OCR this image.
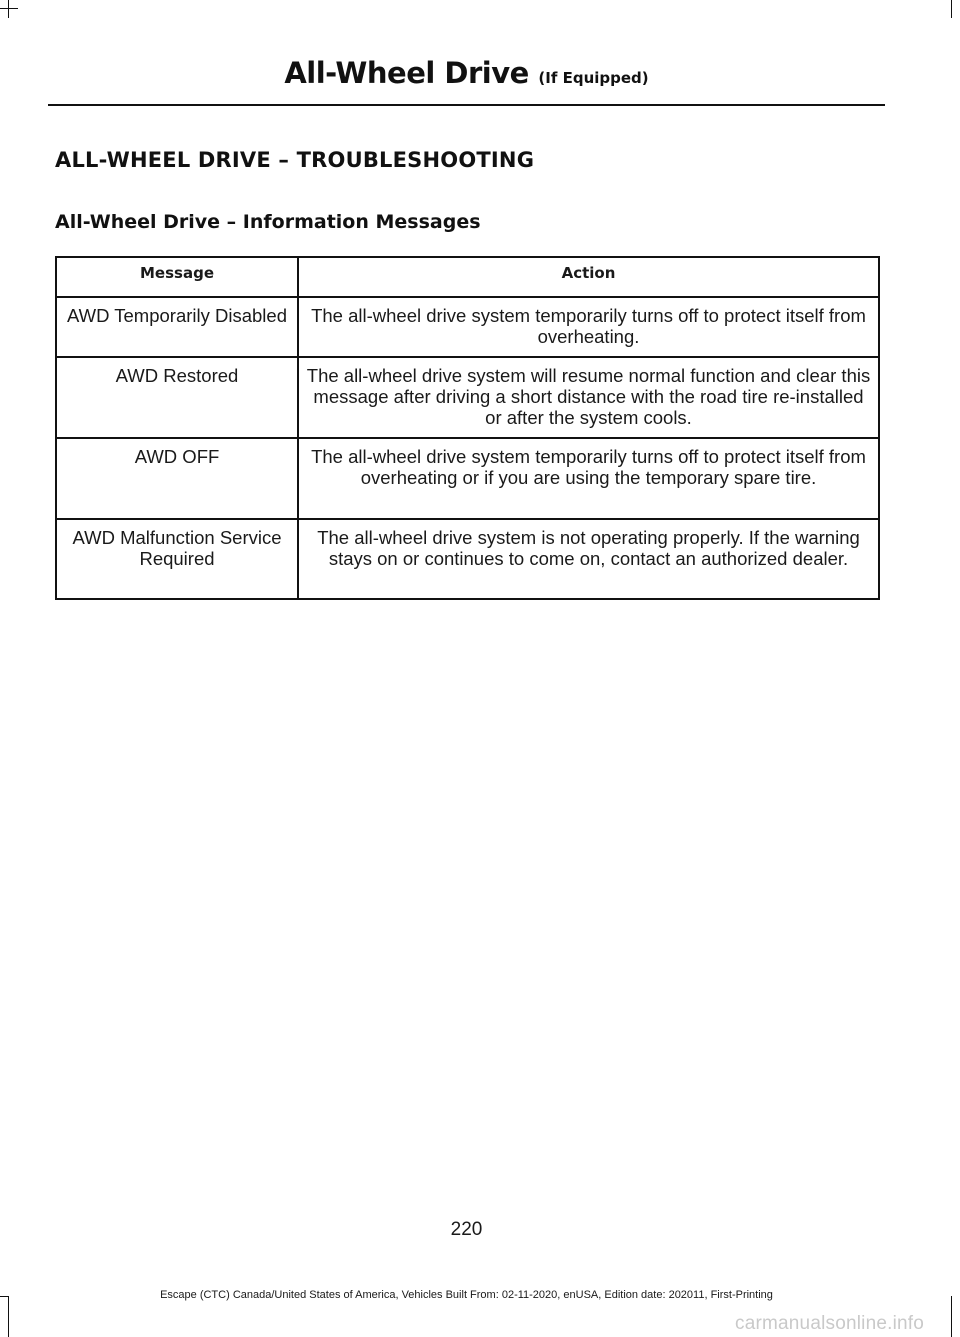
All-Wheel Drive (If Equipped)
ALL-WHEEL DRIVE – TROUBLESHOOTING
All-Wheel Drive – Information Messages
Message	Action
AWD Temporarily Disabled	The all-wheel drive system temporarily turns off to protect itself from overheating.
AWD Restored	The all-wheel drive system will resume normal function and clear this message after driving a short distance with the road tire re-installed or after the system cools.
AWD OFF	The all-wheel drive system temporarily turns off to protect itself from overheating or if you are using the temporary spare tire.
AWD Malfunction Service Required	The all-wheel drive system is not operating properly. If the warning stays on or continues to come on, contact an authorized dealer.
220
Escape (CTC) Canada/United States of America, Vehicles Built From: 02-11-2020, enUSA, Edition date: 202011, First-Printing
carmanualsonline.info
